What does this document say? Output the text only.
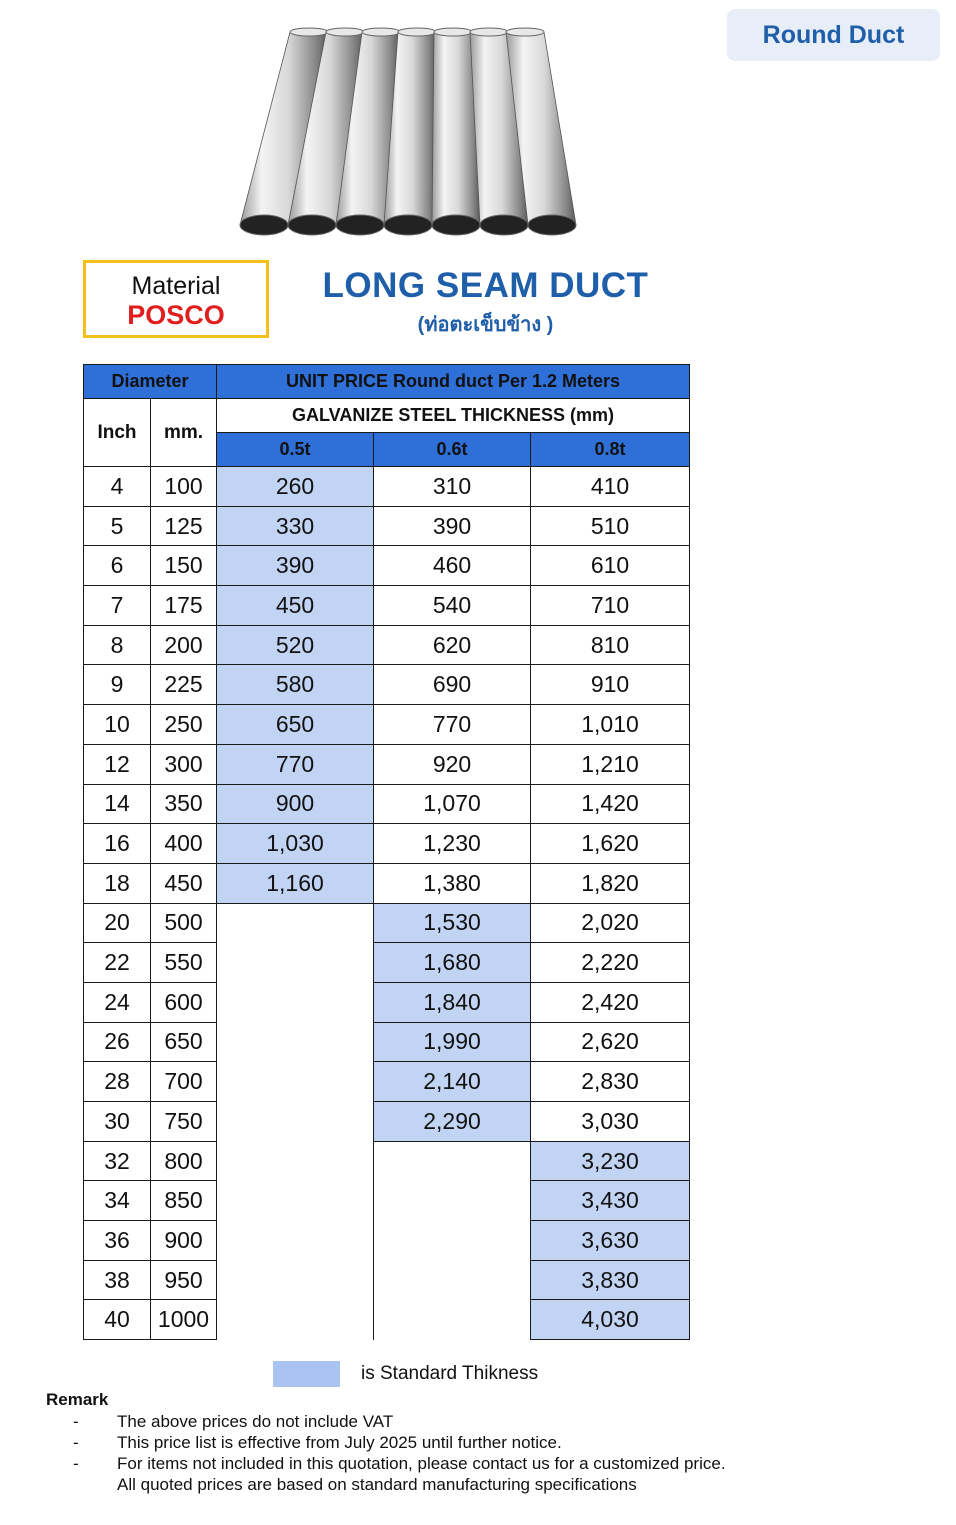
Round Duct
Material
POSCO
LONG SEAM DUCT
(ท่อตะเข็บข้าง )
Diameter		UNIT PRICE Round duct Per 1.2 Meters		
Inch	mm.	GALVANIZE STEEL THICKNESS (mm)		
		0.5t	0.6t	0.8t
4	100	260	310	410
5	125	330	390	510
6	150	390	460	610
7	175	450	540	710
8	200	520	620	810
9	225	580	690	910
10	250	650	770	1,010
12	300	770	920	1,210
14	350	900	1,070	1,420
16	400	1,030	1,230	1,620
18	450	1,160	1,380	1,820
20	500		1,530	2,020
22	550		1,680	2,220
24	600		1,840	2,420
26	650		1,990	2,620
28	700		2,140	2,830
30	750		2,290	3,030
32	800			3,230
34	850			3,430
36	900			3,630
38	950			3,830
40	1000			4,030
is Standard Thikness
Remark
-	The above prices do not include VAT
-	This price list is effective from July 2025 until further notice.
-	For items not included in this quotation, please contact us for a customized price.
All quoted prices are based on standard manufacturing specifications
